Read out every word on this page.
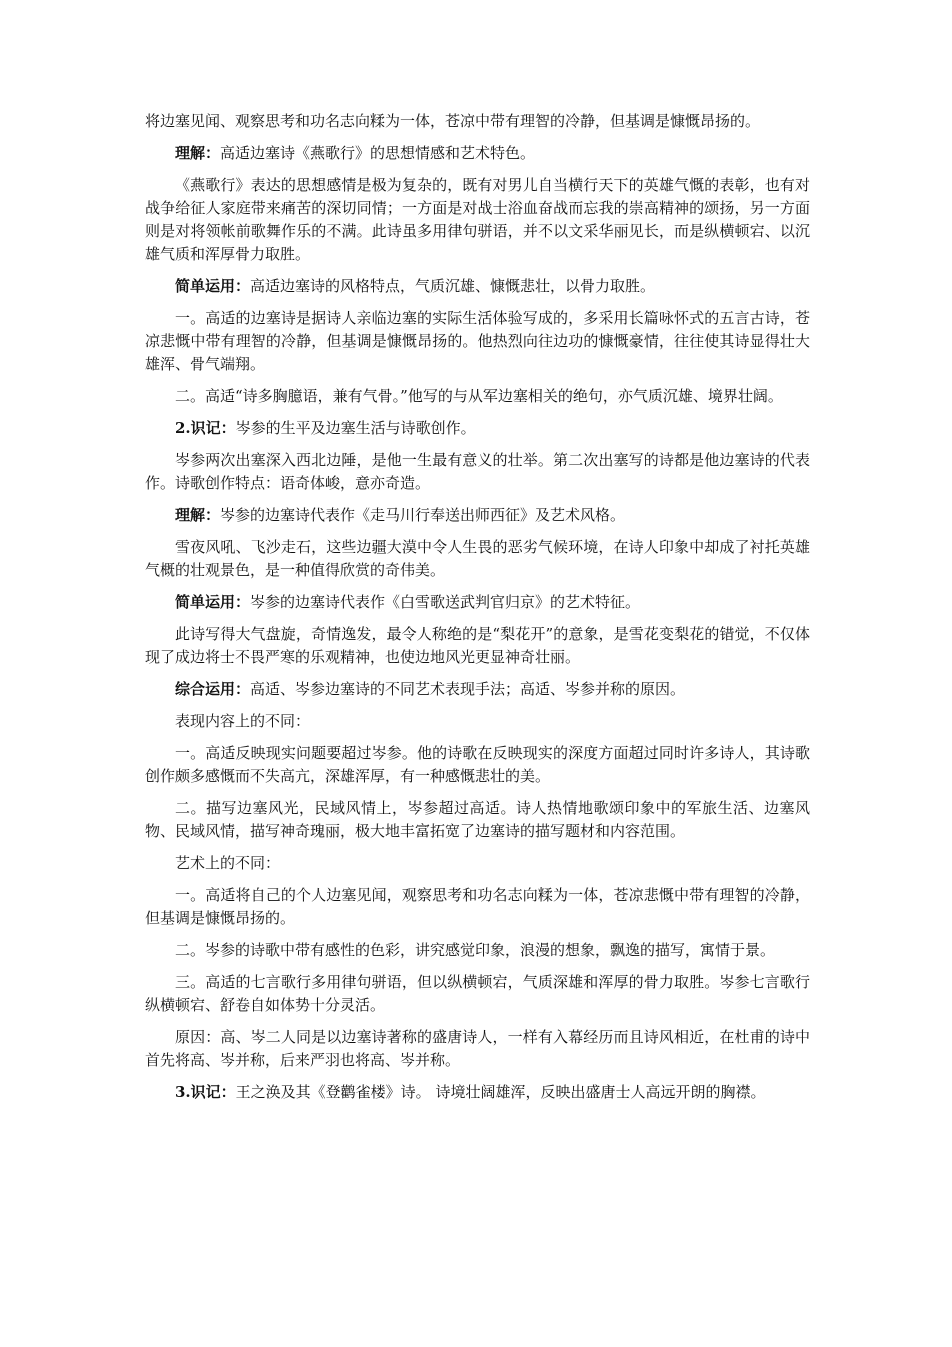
将边塞见闻、观察思考和功名志向糅为一体，苍凉中带有理智的冷静，但基调是慷慨昂扬的。

理解：高适边塞诗《燕歌行》的思想情感和艺术特色。

《燕歌行》表达的思想感情是极为复杂的，既有对男儿自当横行天下的英雄气慨的表彰，也有对战争给征人家庭带来痛苦的深切同情；一方面是对战士浴血奋战而忘我的崇高精神的颂扬，另一方面则是对将领帐前歌舞作乐的不满。此诗虽多用律句骈语，并不以文采华丽见长，而是纵横顿宕、以沉雄气质和浑厚骨力取胜。

简单运用：高适边塞诗的风格特点，气质沉雄、慷慨悲壮，以骨力取胜。

一。高适的边塞诗是据诗人亲临边塞的实际生活体验写成的，多采用长篇咏怀式的五言古诗，苍凉悲慨中带有理智的冷静，但基调是慷慨昂扬的。他热烈向往边功的慷慨豪情，往往使其诗显得壮大雄浑、骨气端翔。

二。高适“诗多胸臆语，兼有气骨。”他写的与从军边塞相关的绝句，亦气质沉雄、境界壮阔。

2.识记：岑参的生平及边塞生活与诗歌创作。

岑参两次出塞深入西北边陲，是他一生最有意义的壮举。第二次出塞写的诗都是他边塞诗的代表作。诗歌创作特点：语奇体峻，意亦奇造。

理解：岑参的边塞诗代表作《走马川行奉送出师西征》及艺术风格。

雪夜风吼、飞沙走石，这些边疆大漠中令人生畏的恶劣气候环境，在诗人印象中却成了衬托英雄气概的壮观景色，是一种值得欣赏的奇伟美。

简单运用：岑参的边塞诗代表作《白雪歌送武判官归京》的艺术特征。

此诗写得大气盘旋，奇情逸发，最令人称绝的是“梨花开”的意象，是雪花变梨花的错觉，不仅体现了成边将士不畏严寒的乐观精神，也使边地风光更显神奇壮丽。

综合运用：高适、岑参边塞诗的不同艺术表现手法；高适、岑参并称的原因。

表现内容上的不同：

一。高适反映现实问题要超过岑参。他的诗歌在反映现实的深度方面超过同时许多诗人，其诗歌创作颇多感慨而不失高亢，深雄浑厚，有一种感慨悲壮的美。

二。描写边塞风光，民域风情上，岑参超过高适。诗人热情地歌颂印象中的军旅生活、边塞风物、民域风情，描写神奇瑰丽，极大地丰富拓宽了边塞诗的描写题材和内容范围。

艺术上的不同：

一。高适将自己的个人边塞见闻，观察思考和功名志向糅为一体，苍凉悲慨中带有理智的冷静，但基调是慷慨昂扬的。

二。岑参的诗歌中带有感性的色彩，讲究感觉印象，浪漫的想象，飘逸的描写，寓情于景。

三。高适的七言歌行多用律句骈语，但以纵横顿宕，气质深雄和浑厚的骨力取胜。岑参七言歌行纵横顿宕、舒卷自如体势十分灵活。

原因：高、岑二人同是以边塞诗著称的盛唐诗人，一样有入幕经历而且诗风相近，在杜甫的诗中首先将高、岑并称，后来严羽也将高、岑并称。

3.识记：王之涣及其《登鹳雀楼》诗。 诗境壮阔雄浑，反映出盛唐士人高远开朗的胸襟。
